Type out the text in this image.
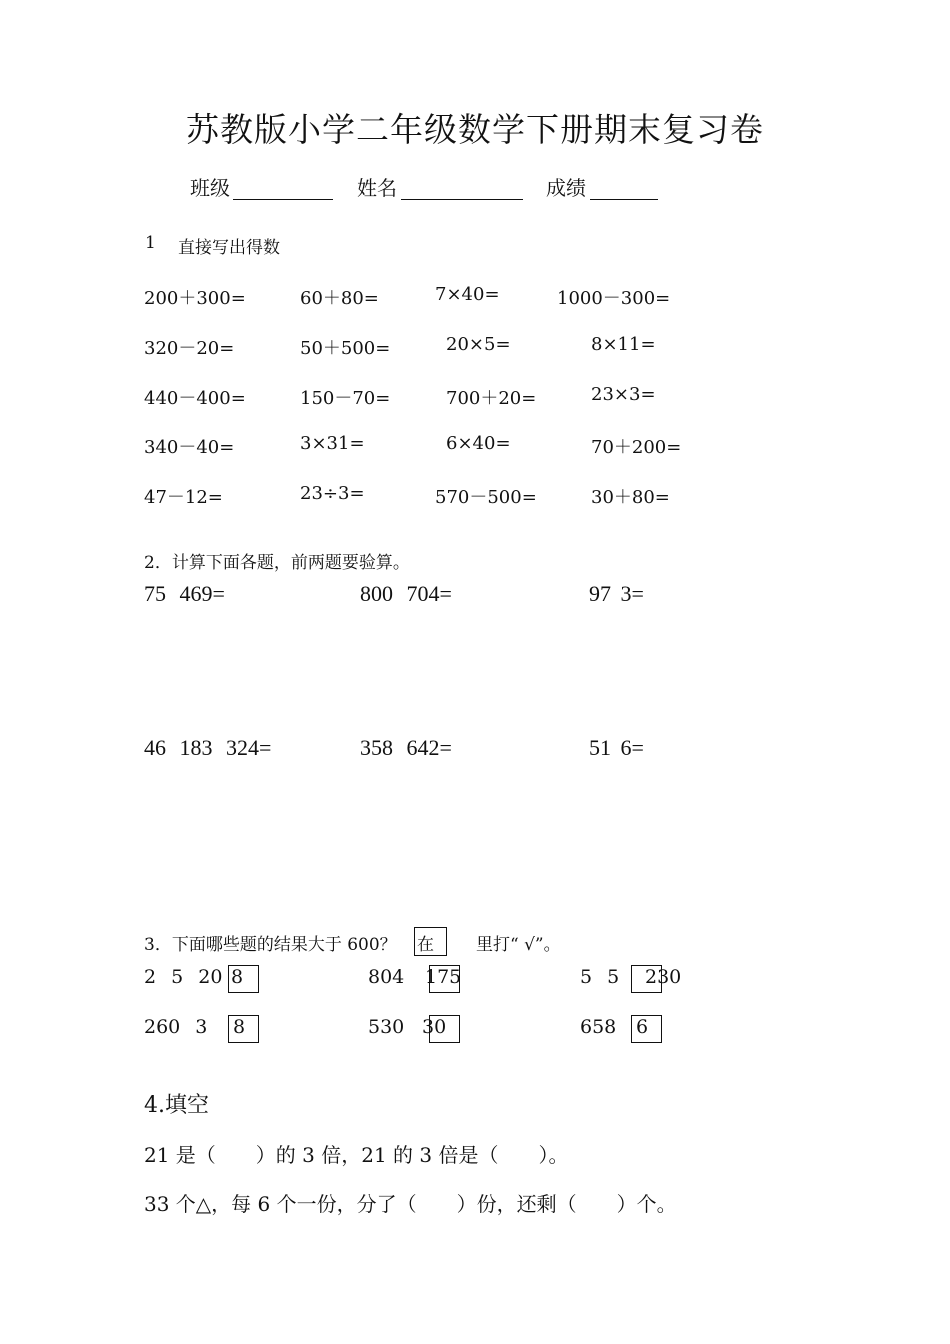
苏教版小学二年级数学下册期末复习卷
班级	姓名	成绩
1 直接写出得数
200＋300=	60＋80=	7×40=	1000－300=
320－20=	50＋500=	20×5=	8×11=
440－400=	150－70=	700＋20=	23×3=
340－40=	3×31=	6×40=	70＋200=
47－12=	23÷3=	570－500=	30＋80=
2．计算下面各题，前两题要验算。
75 469=	800 704=	97 3=
46 183 324=	358 642=	51 6=
3．下面哪些题的结果大于 600？ 在 里打“ √”。
2 5 20 8	804 175	5 5 230
260 3 8	530 30	658 6
4.填空
21 是（　　）的 3 倍，21 的 3 倍是（　　）。
33 个△，每 6 个一份，分了（　　）份，还剩（　　）个。
